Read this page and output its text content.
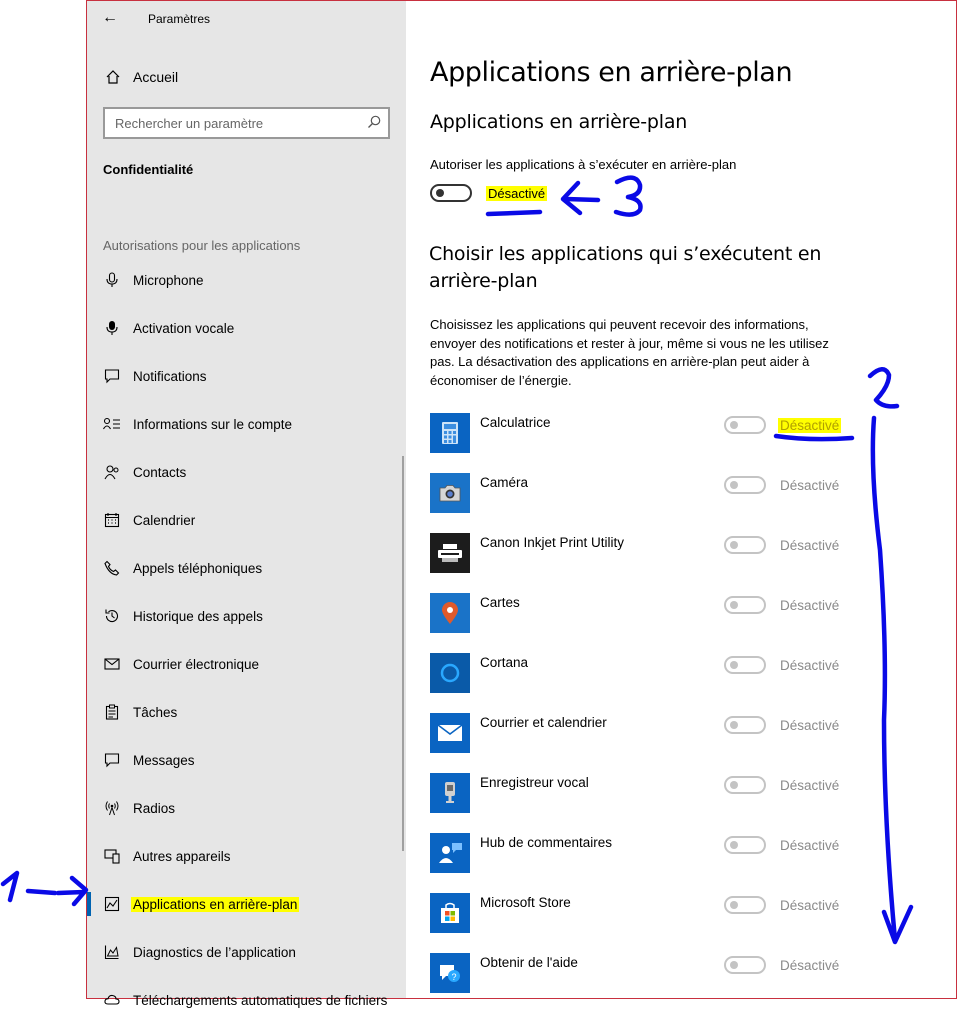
←	Paramètres
Accueil
Rechercher un paramètre
Confidentialité
Autorisations pour les applications
Microphone
Activation vocale
Notifications
Informations sur le compte
Contacts
Calendrier
Appels téléphoniques
Historique des appels
Courrier électronique
Tâches
Messages
Radios
Autres appareils
Applications en arrière-plan
Diagnostics de l’application
Téléchargements automatiques de fichiers
Applications en arrière-plan
Applications en arrière-plan
Autoriser les applications à s’exécuter en arrière-plan
Désactivé
Choisir les applications qui s’exécutent en arrière-plan
Choisissez les applications qui peuvent recevoir des informations, envoyer des notifications et rester à jour, même si vous ne les utilisez pas. La désactivation des applications en arrière-plan peut aider à économiser de l’énergie.
Calculatrice	Désactivé
Caméra	Désactivé
Canon Inkjet Print Utility	Désactivé
Cartes	Désactivé
Cortana	Désactivé
Courrier et calendrier	Désactivé
Enregistreur vocal	Désactivé
Hub de commentaires	Désactivé
Microsoft Store	Désactivé
?
Obtenir de l'aide	Désactivé
